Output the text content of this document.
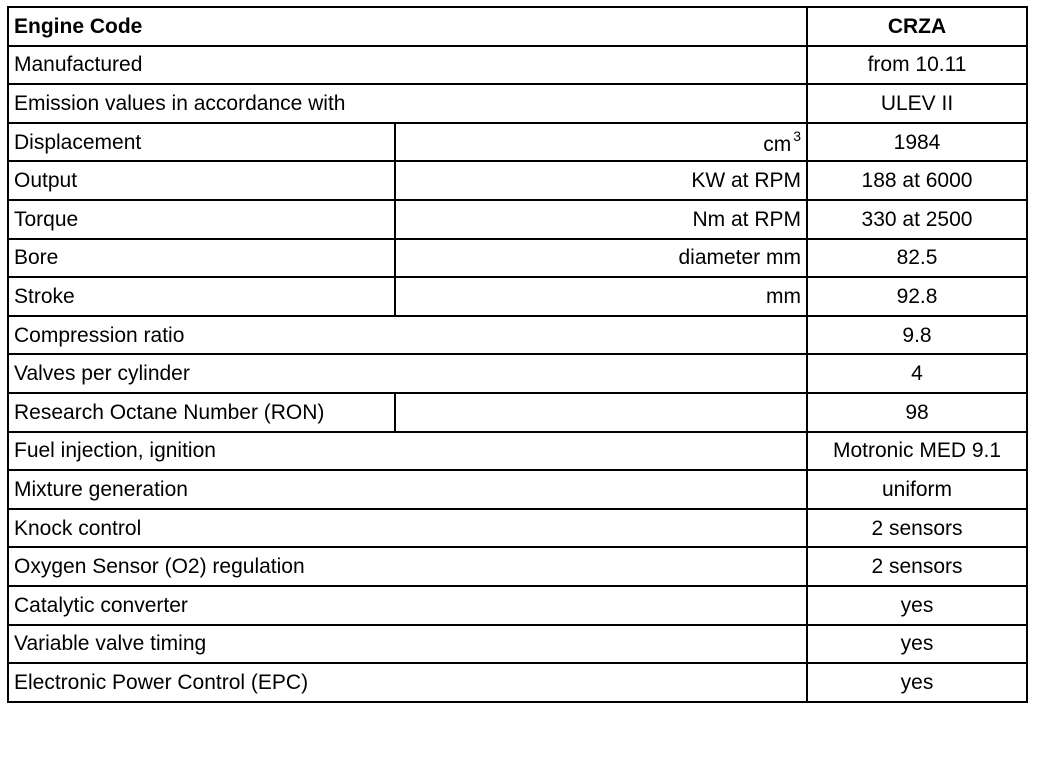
Engine Code		CRZA
Manufactured		from 10.11
Emission values in accordance with		ULEV II
Displacement	cm $^3$	1984
Output	KW at RPM	188 at 6000
Torque	Nm at RPM	330 at 2500
Bore	diameter mm	82.5
Stroke	mm	92.8
Compression ratio		9.8
Valves per cylinder		4
Research Octane Number (RON)		98
Fuel injection, ignition		Motronic MED 9.1
Mixture generation		uniform
Knock control		2 sensors
Oxygen Sensor (O2) regulation		2 sensors
Catalytic converter		yes
Variable valve timing		yes
Electronic Power Control (EPC)		yes
